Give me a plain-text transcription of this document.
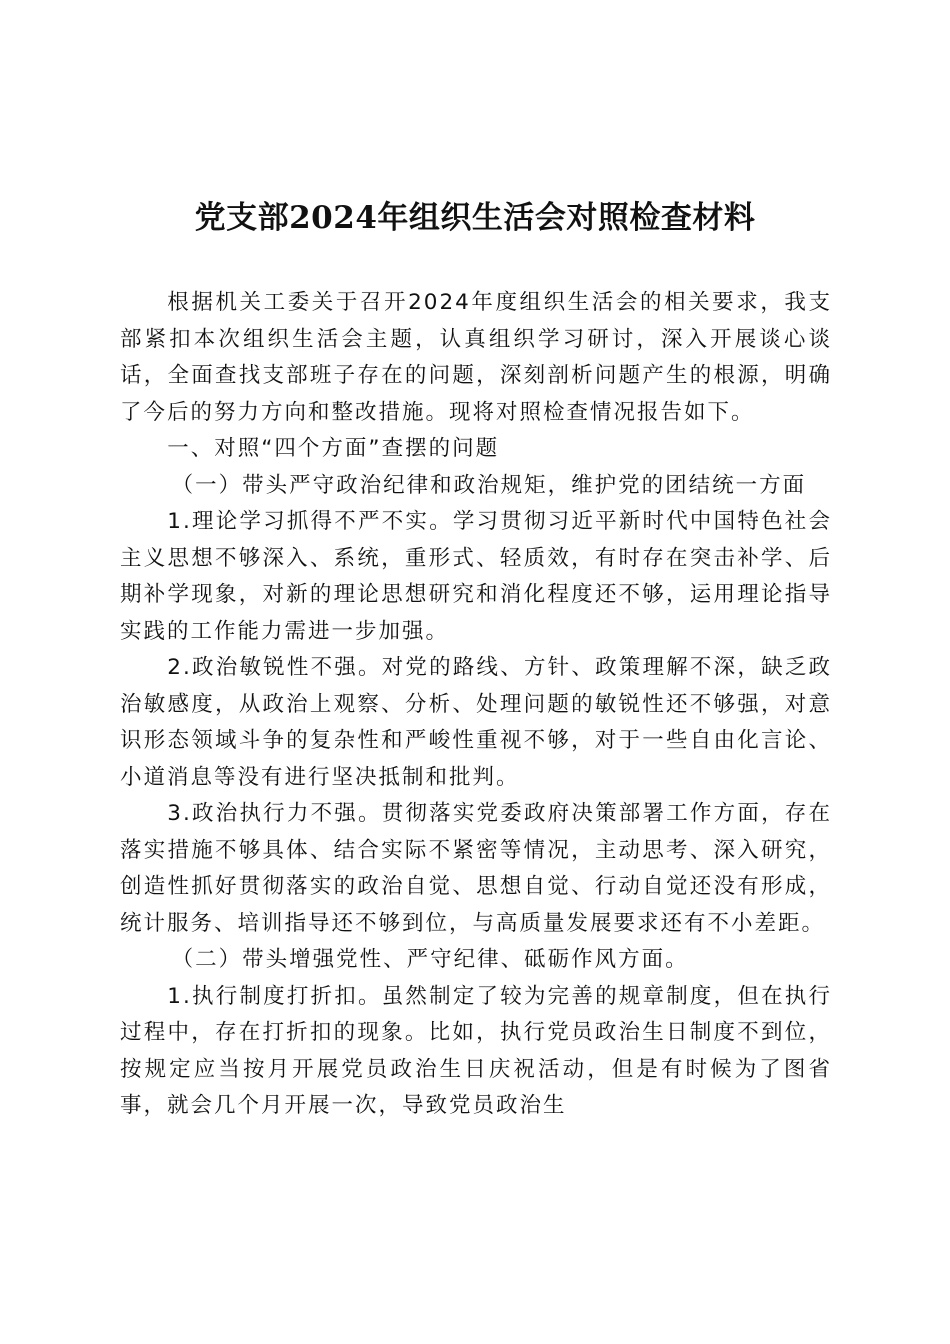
党支部2024年组织生活会对照检查材料

根据机关工委关于召开2024年度组织生活会的相关要求，我支部紧扣本次组织生活会主题，认真组织学习研讨，深入开展谈心谈话，全面查找支部班子存在的问题，深刻剖析问题产生的根源，明确了今后的努力方向和整改措施。现将对照检查情况报告如下。

一、对照“四个方面”查摆的问题

（一）带头严守政治纪律和政治规矩，维护党的团结统一方面

1.理论学习抓得不严不实。学习贯彻习近平新时代中国特色社会主义思想不够深入、系统，重形式、轻质效，有时存在突击补学、后期补学现象，对新的理论思想研究和消化程度还不够，运用理论指导实践的工作能力需进一步加强。

2.政治敏锐性不强。对党的路线、方针、政策理解不深，缺乏政治敏感度，从政治上观察、分析、处理问题的敏锐性还不够强，对意识形态领域斗争的复杂性和严峻性重视不够，对于一些自由化言论、小道消息等没有进行坚决抵制和批判。

3.政治执行力不强。贯彻落实党委政府决策部署工作方面，存在落实措施不够具体、结合实际不紧密等情况，主动思考、深入研究，创造性抓好贯彻落实的政治自觉、思想自觉、行动自觉还没有形成，统计服务、培训指导还不够到位，与高质量发展要求还有不小差距。

（二）带头增强党性、严守纪律、砥砺作风方面。

1.执行制度打折扣。虽然制定了较为完善的规章制度，但在执行过程中，存在打折扣的现象。比如，执行党员政治生日制度不到位，按规定应当按月开展党员政治生日庆祝活动，但是有时候为了图省事，就会几个月开展一次，导致党员政治生
